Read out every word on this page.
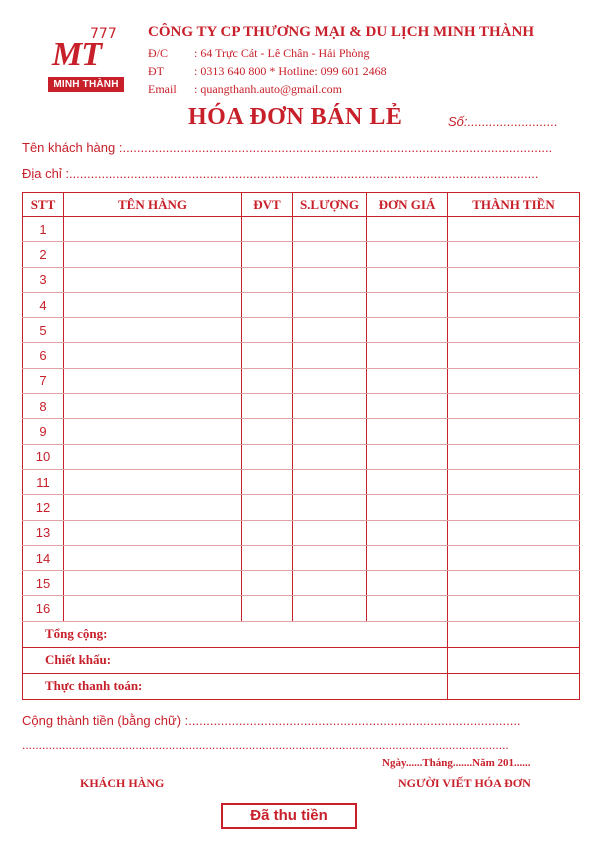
777
MT
MINH THÀNH
CÔNG TY CP THƯƠNG MẠI & DU LỊCH MINH THÀNH
Đ/C : 64 Trực Cát - Lê Chân - Hải Phòng
ĐT	: 0313 640 800 * Hotline: 099 601 2468
Email : quangthanh.auto@gmail.com
HÓA ĐƠN BÁN LẺ	Số:.........................
Tên khách hàng :.......................................................................................................................
Địa chỉ :..................................................................................................................................
STT	TÊN HÀNG	ĐVT	S.LƯỢNG	ĐƠN GIÁ	THÀNH TIỀN
1					
2					
3					
4					
5					
6					
7					
8					
9					
10					
11					
12					
13					
14					
15					
16					
Tổng cộng:					
Chiết khấu:					
Thực thanh toán:					
Cộng thành tiền (bằng chữ) :............................................................................................
..................................................................................................................................................
Ngày......Tháng.......Năm 201......
KHÁCH HÀNG	NGƯỜI VIẾT HÓA ĐƠN
Đã thu tiền
